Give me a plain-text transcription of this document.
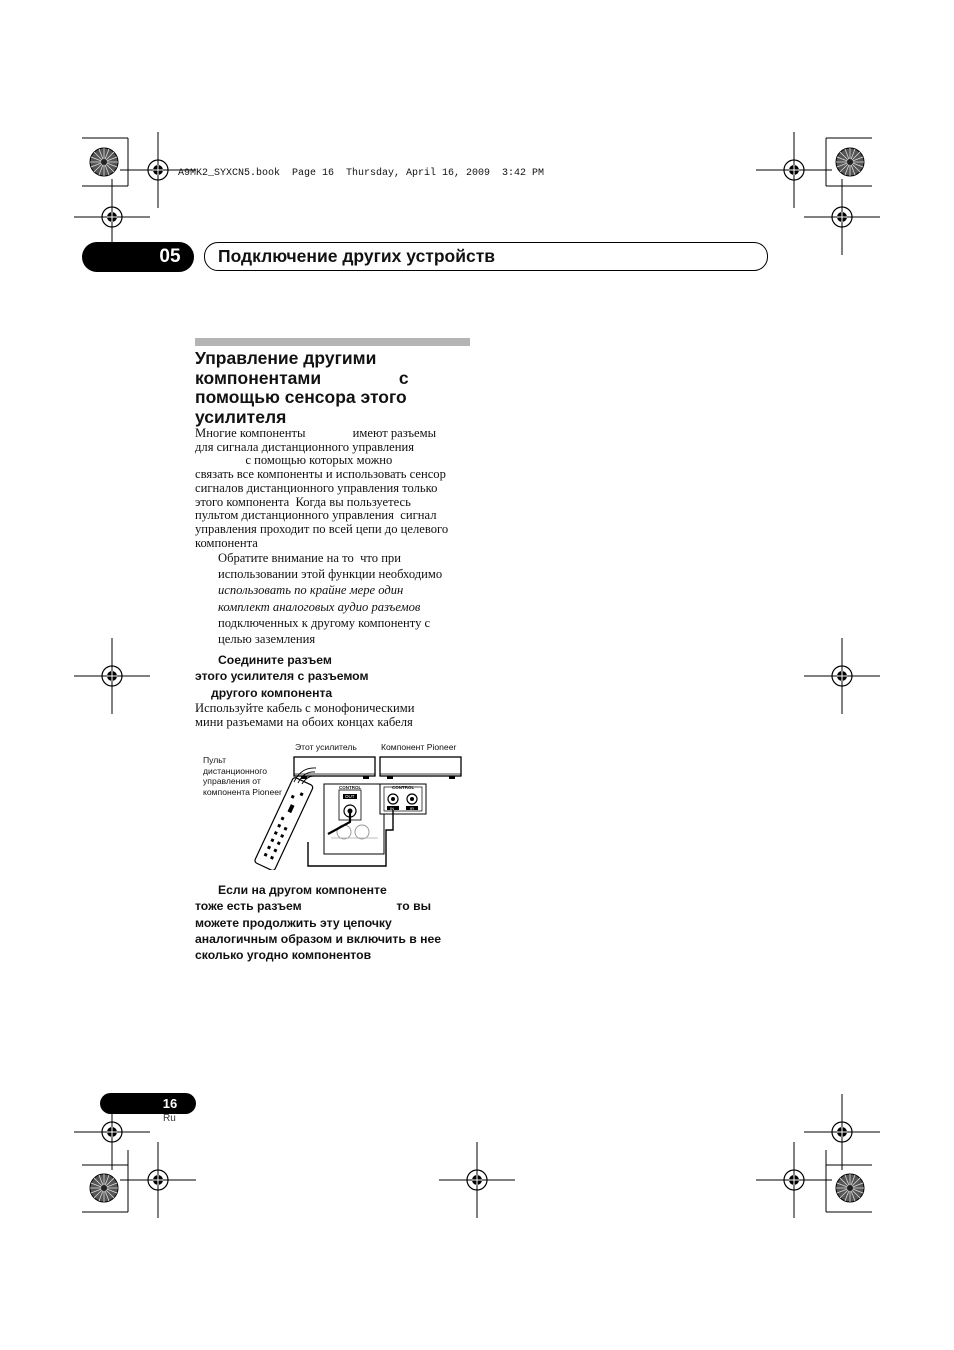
A9MK2_SYXCN5.book  Page 16  Thursday, April 16, 2009  3:42 PM
05	Подключение других устройств
Управление другими
компонентами                с
помощью сенсора этого
усилителя
Многие компоненты               имеют разъемы
для сигнала дистанционного управления
с помощью которых можно
связать все компоненты и использовать сенсор
сигналов дистанционного управления только
этого компонента  Когда вы пользуетесь
пультом дистанционного управления  сигнал
управления проходит по всей цепи до целевого
компонента
Обратите внимание на то  что при
использовании этой функции необходимо
использовать по крайне мере один
комплект аналоговых аудио разъемов
подключенных к другому компоненту с
целью заземления
Соедините разъем
этого усилителя с разъемом
другого компонента
Используйте кабель с монофоническими
мини разъемами на обоих концах кабеля
Этот усилитель	Компонент Pioneer
Пульт
дистанционного
управления от
компонента Pioneer	CONTROL
OUT
CONTROL
IN	IR
Если на другом компоненте
тоже есть разъем                            то вы
можете продолжить эту цепочку
аналогичным образом и включить в нее
сколько угодно компонентов
16
Ru
